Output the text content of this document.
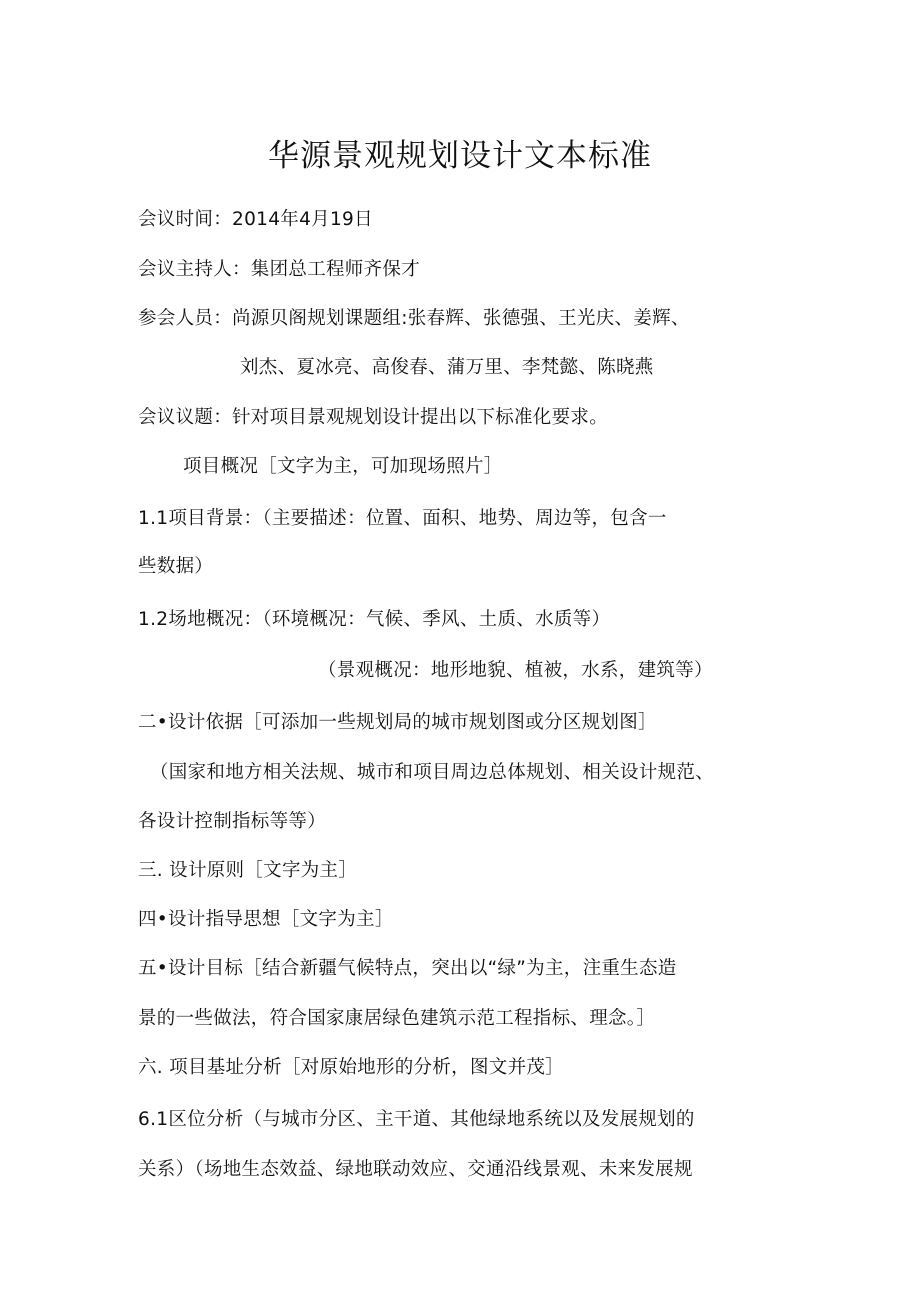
华源景观规划设计文本标准
会议时间：2014年4月19日
会议主持人：集团总工程师齐保才
参会人员：尚源贝阁规划课题组:张春辉、张德强、王光庆、姜辉、
刘杰、夏冰亮、高俊春、蒲万里、李梵懿、陈晓燕
会议议题：针对项目景观规划设计提出以下标准化要求。
项目概况［文字为主，可加现场照片］
1.1项目背景：（主要描述：位置、面积、地势、周边等，包含一
些数据）
1.2场地概况：（环境概况：气候、季风、土质、水质等）
（景观概况：地形地貌、植被，水系，建筑等）
二•设计依据［可添加一些规划局的城市规划图或分区规划图］
（国家和地方相关法规、城市和项目周边总体规划、相关设计规范、
各设计控制指标等等）
三. 设计原则［文字为主］
四•设计指导思想［文字为主］
五•设计目标［结合新疆气候特点，突出以“绿”为主，注重生态造
景的一些做法，符合国家康居绿色建筑示范工程指标、理念。］
六. 项目基址分析［对原始地形的分析，图文并茂］
6.1区位分析（与城市分区、主干道、其他绿地系统以及发展规划的
关系）（场地生态效益、绿地联动效应、交通沿线景观、未来发展规
